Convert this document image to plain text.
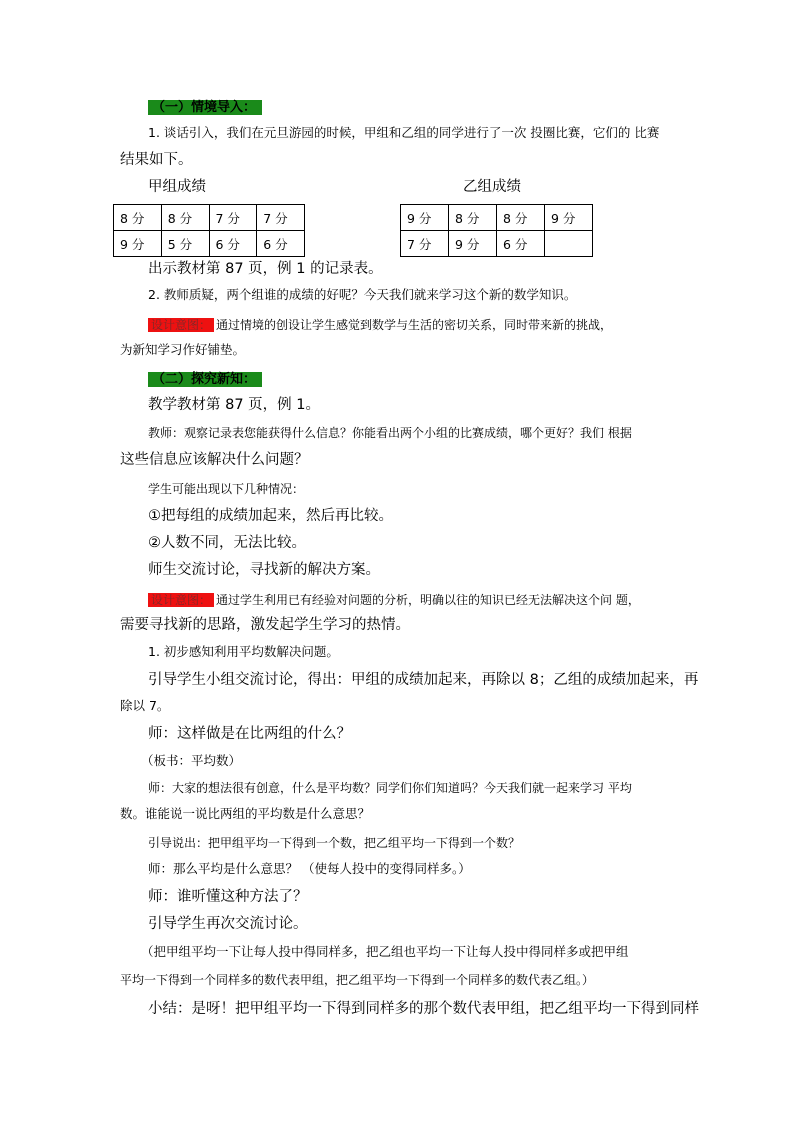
（一）情境导入：
1. 谈话引入，我们在元旦游园的时候，甲组和乙组的同学进行了一次 投圈比赛，它们的 比赛
结果如下。
甲组成绩	乙组成绩
8 分	8 分	7 分	7 分
9 分	5 分	6 分	6 分
9 分	8 分	8 分	9 分
7 分	9 分	6 分	
出示教材第 87 页，例 1 的记录表。
2. 教师质疑，两个组谁的成绩的好呢？今天我们就来学习这个新的数学知识。
设计意图： 通过情境的创设让学生感觉到数学与生活的密切关系，同时带来新的挑战，
为新知学习作好铺垫。
（二）探究新知：
教学教材第 87 页，例 1。
教师：观察记录表您能获得什么信息？你能看出两个小组的比赛成绩，哪个更好？我们 根据
这些信息应该解决什么问题？
学生可能出现以下几种情况：
①把每组的成绩加起来，然后再比较。
②人数不同，无法比较。
师生交流讨论，寻找新的解决方案。
设计意图： 通过学生利用已有经验对问题的分析，明确以往的知识已经无法解决这个问 题，
需要寻找新的思路，激发起学生学习的热情。
1. 初步感知利用平均数解决问题。
引导学生小组交流讨论，得出：甲组的成绩加起来，再除以 8；乙组的成绩加起来，再
除以 7。
师：这样做是在比两组的什么？
（板书：平均数）
师：大家的想法很有创意，什么是平均数？同学们你们知道吗？今天我们就一起来学习 平均
数。谁能说一说比两组的平均数是什么意思？
引导说出：把甲组平均一下得到一个数，把乙组平均一下得到一个数？
师：那么平均是什么意思？ （使每人投中的变得同样多。）
师：谁听懂这种方法了？
引导学生再次交流讨论。
（把甲组平均一下让每人投中得同样多，把乙组也平均一下让每人投中得同样多或把甲组
平均一下得到一个同样多的数代表甲组，把乙组平均一下得到一个同样多的数代表乙组。）
小结：是呀！把甲组平均一下得到同样多的那个数代表甲组，把乙组平均一下得到同样
